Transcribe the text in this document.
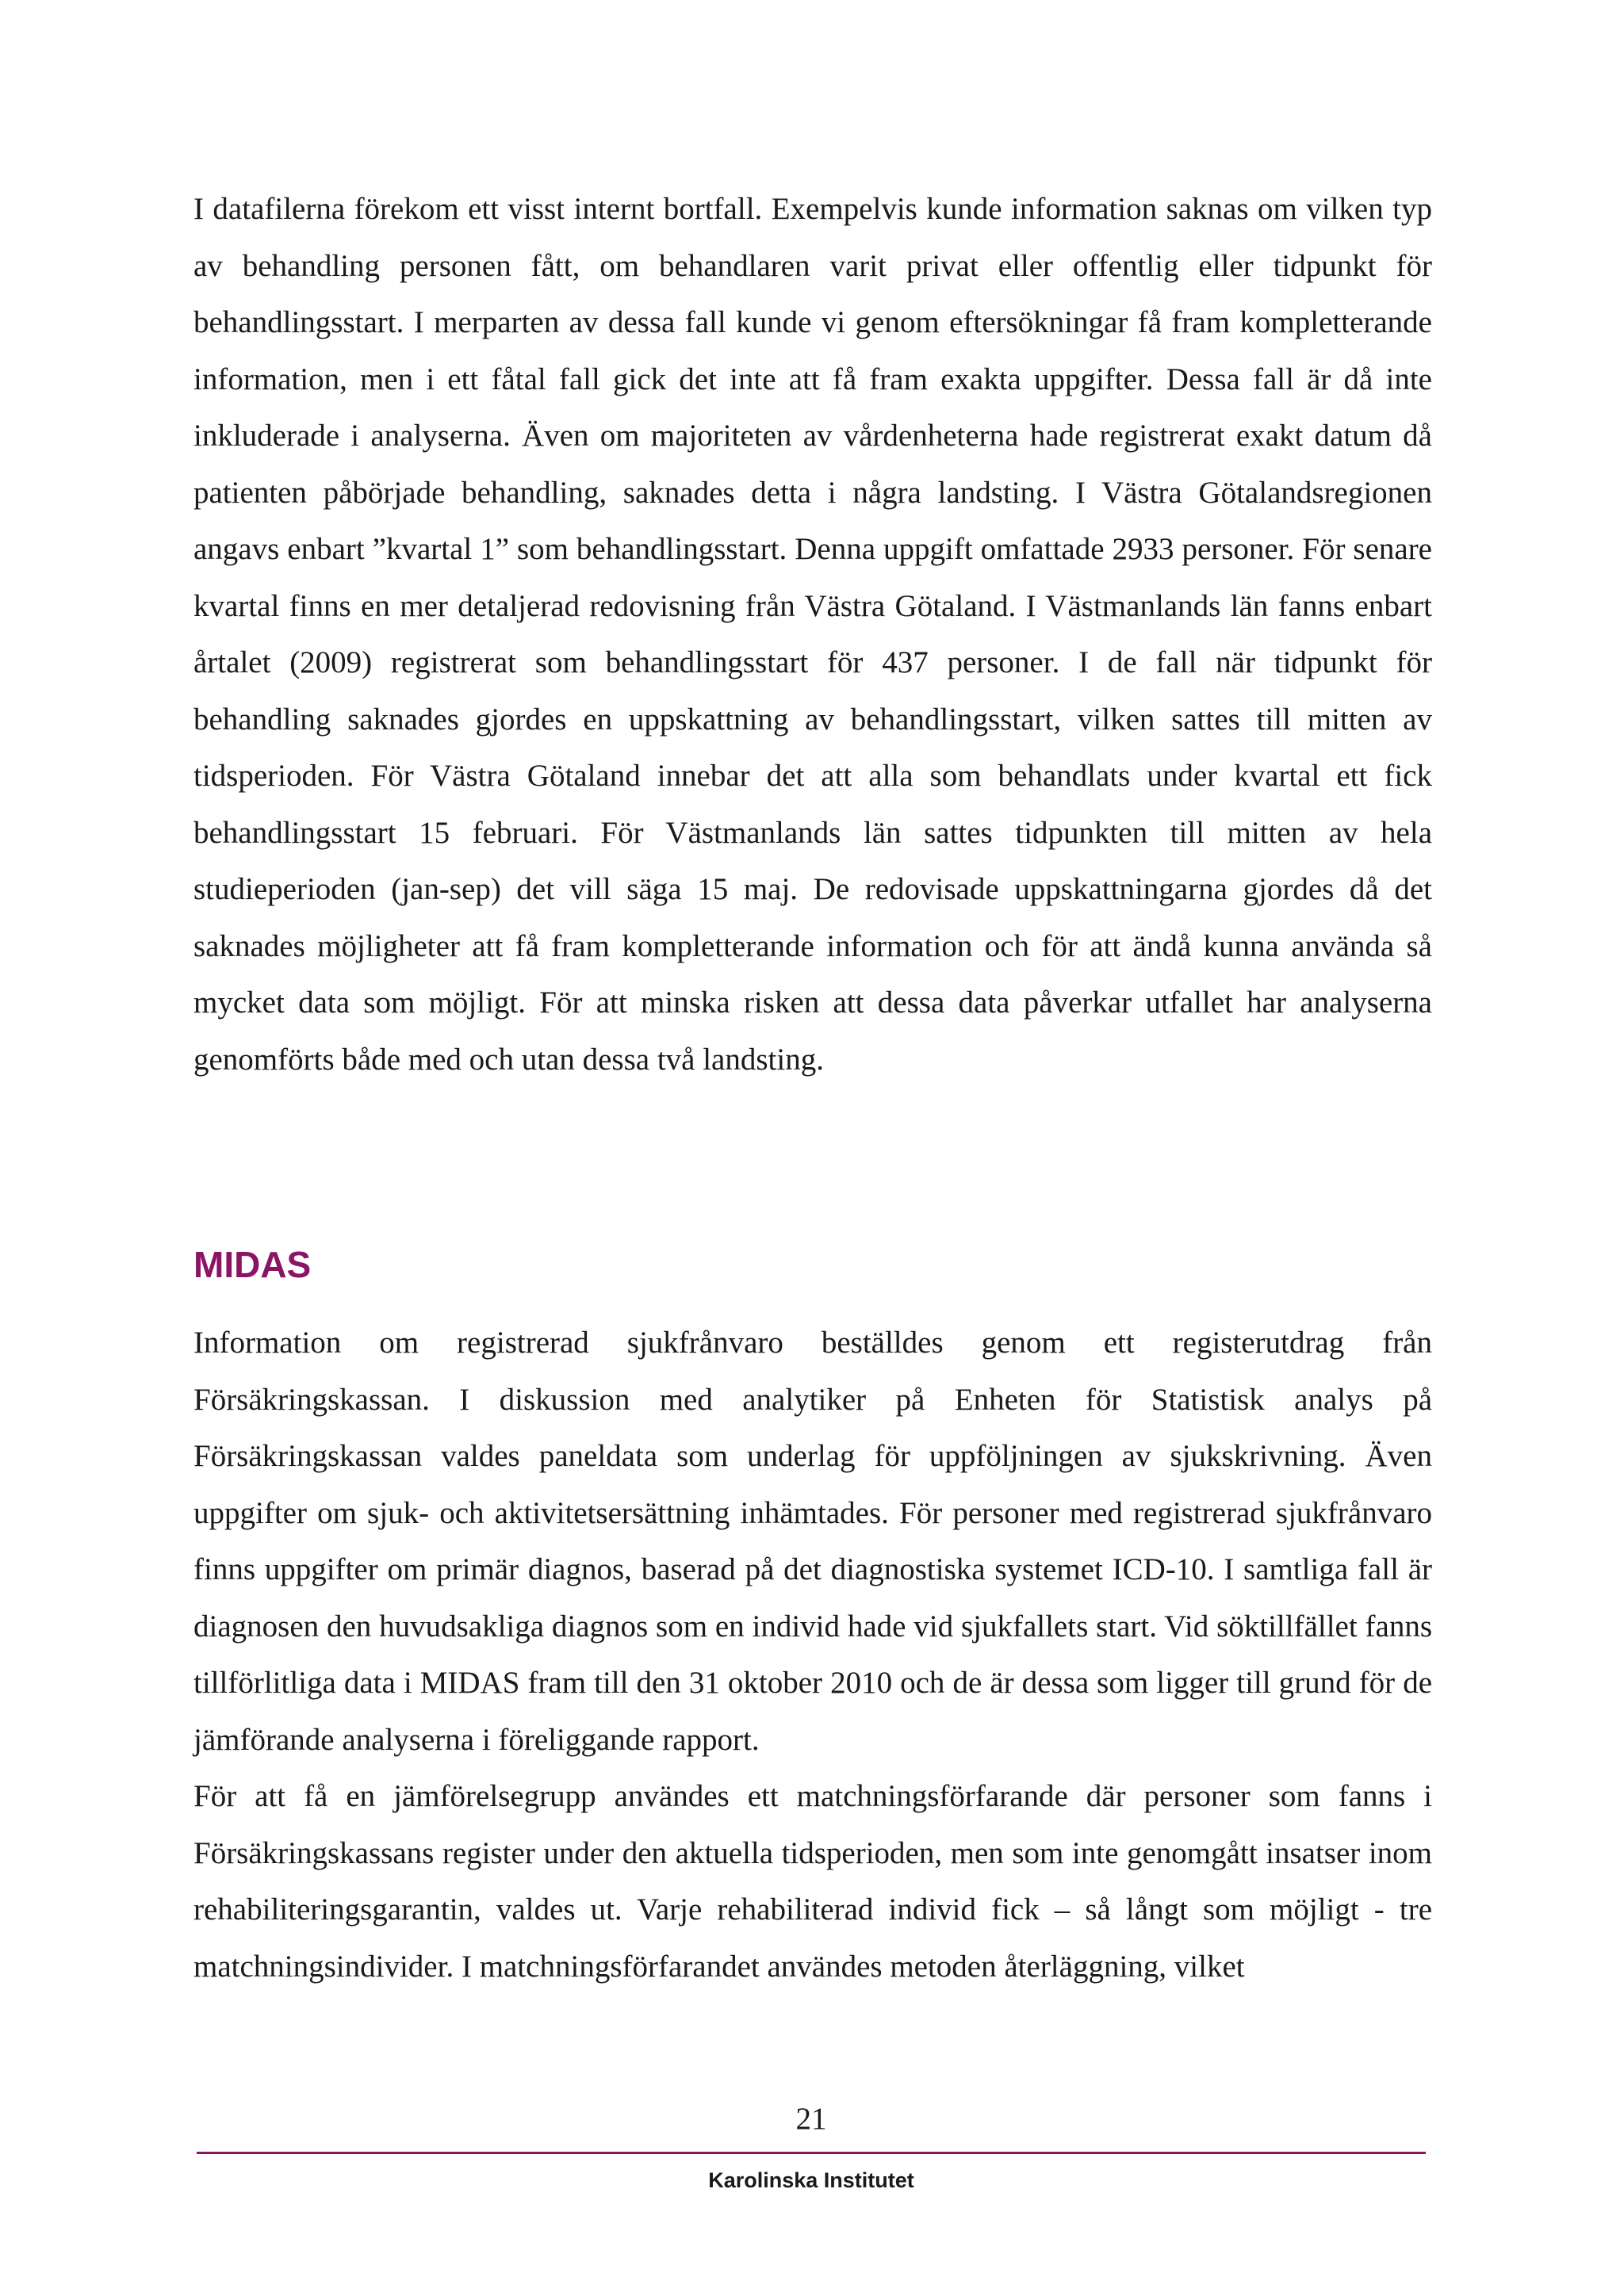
I datafilerna förekom ett visst internt bortfall. Exempelvis kunde information saknas om vilken typ av behandling personen fått, om behandlaren varit privat eller offentlig eller tidpunkt för behandlingsstart. I merparten av dessa fall kunde vi genom eftersökningar få fram kompletterande information, men i ett fåtal fall gick det inte att få fram exakta uppgifter. Dessa fall är då inte inkluderade i analyserna. Även om majoriteten av vårdenheterna hade registrerat exakt datum då patienten påbörjade behandling, saknades detta i några landsting. I Västra Götalandsregionen angavs enbart ”kvartal 1” som behandlingsstart. Denna uppgift omfattade 2933 personer. För senare kvartal finns en mer detaljerad redovisning från Västra Götaland. I Västmanlands län fanns enbart årtalet (2009) registrerat som behandlingsstart för 437 personer. I de fall när tidpunkt för behandling saknades gjordes en uppskattning av behandlingsstart, vilken sattes till mitten av tidsperioden. För Västra Götaland innebar det att alla som behandlats under kvartal ett fick behandlingsstart 15 februari. För Västmanlands län sattes tidpunkten till mitten av hela studieperioden (jan-sep) det vill säga 15 maj. De redovisade uppskattningarna gjordes då det saknades möjligheter att få fram kompletterande information och för att ändå kunna använda så mycket data som möjligt. För att minska risken att dessa data påverkar utfallet har analyserna genomförts både med och utan dessa två landsting.

MIDAS

Information om registrerad sjukfrånvaro beställdes genom ett registerutdrag från Försäkringskassan. I diskussion med analytiker på Enheten för Statistisk analys på Försäkringskassan valdes paneldata som underlag för uppföljningen av sjukskrivning. Även uppgifter om sjuk- och aktivitetsersättning inhämtades. För personer med registrerad sjukfrånvaro finns uppgifter om primär diagnos, baserad på det diagnostiska systemet ICD-10. I samtliga fall är diagnosen den huvudsakliga diagnos som en individ hade vid sjukfallets start. Vid söktillfället fanns tillförlitliga data i MIDAS fram till den 31 oktober 2010 och de är dessa som ligger till grund för de jämförande analyserna i föreliggande rapport.

För att få en jämförelsegrupp användes ett matchningsförfarande där personer som fanns i Försäkringskassans register under den aktuella tidsperioden, men som inte genomgått insatser inom rehabiliteringsgarantin, valdes ut. Varje rehabiliterad individ fick – så långt som möjligt - tre matchningsindivider. I matchningsförfarandet användes metoden återläggning, vilket

21

Karolinska Institutet
